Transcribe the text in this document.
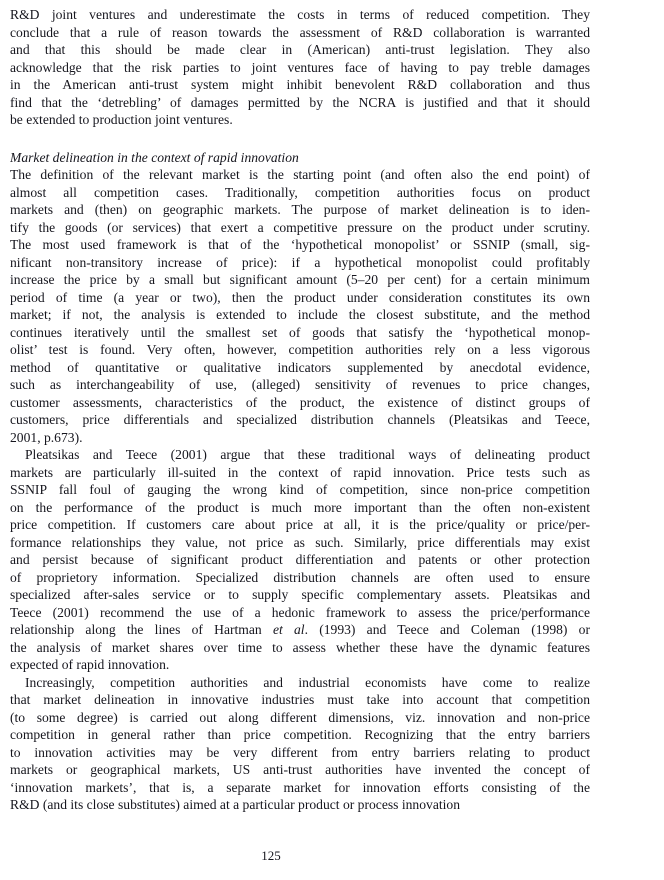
R&D joint ventures and underestimate the costs in terms of reduced competition. They
conclude that a rule of reason towards the assessment of R&D collaboration is warranted
and that this should be made clear in (American) anti-trust legislation. They also
acknowledge that the risk parties to joint ventures face of having to pay treble damages
in the American anti-trust system might inhibit benevolent R&D collaboration and thus
find that the ‘detrebling’ of damages permitted by the NCRA is justified and that it should
be extended to production joint ventures.
Market delineation in the context of rapid innovation
The definition of the relevant market is the starting point (and often also the end point) of
almost all competition cases. Traditionally, competition authorities focus on product
markets and (then) on geographic markets. The purpose of market delineation is to iden-
tify the goods (or services) that exert a competitive pressure on the product under scrutiny.
The most used framework is that of the ‘hypothetical monopolist’ or SSNIP (small, sig-
nificant non-transitory increase of price): if a hypothetical monopolist could profitably
increase the price by a small but significant amount (5–20 per cent) for a certain minimum
period of time (a year or two), then the product under consideration constitutes its own
market; if not, the analysis is extended to include the closest substitute, and the method
continues iteratively until the smallest set of goods that satisfy the ‘hypothetical monop-
olist’ test is found. Very often, however, competition authorities rely on a less vigorous
method of quantitative or qualitative indicators supplemented by anecdotal evidence,
such as interchangeability of use, (alleged) sensitivity of revenues to price changes,
customer assessments, characteristics of the product, the existence of distinct groups of
customers, price differentials and specialized distribution channels (Pleatsikas and Teece,
2001, p.673).
Pleatsikas and Teece (2001) argue that these traditional ways of delineating product
markets are particularly ill-suited in the context of rapid innovation. Price tests such as
SSNIP fall foul of gauging the wrong kind of competition, since non-price competition
on the performance of the product is much more important than the often non-existent
price competition. If customers care about price at all, it is the price/quality or price/per-
formance relationships they value, not price as such. Similarly, price differentials may exist
and persist because of significant product differentiation and patents or other protection
of proprietory information. Specialized distribution channels are often used to ensure
specialized after-sales service or to supply specific complementary assets. Pleatsikas and
Teece (2001) recommend the use of a hedonic framework to assess the price/performance
relationship along the lines of Hartman et al. (1993) and Teece and Coleman (1998) or
the analysis of market shares over time to assess whether these have the dynamic features
expected of rapid innovation.
Increasingly, competition authorities and industrial economists have come to realize
that market delineation in innovative industries must take into account that competition
(to some degree) is carried out along different dimensions, viz. innovation and non-price
competition in general rather than price competition. Recognizing that the entry barriers
to innovation activities may be very different from entry barriers relating to product
markets or geographical markets, US anti-trust authorities have invented the concept of
‘innovation markets’, that is, a separate market for innovation efforts consisting of the
R&D (and its close substitutes) aimed at a particular product or process innovation
125
